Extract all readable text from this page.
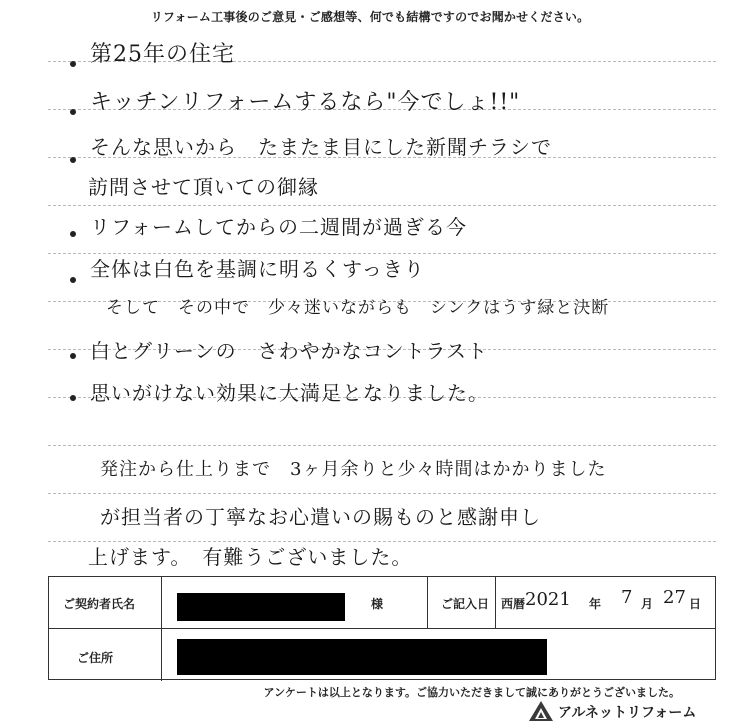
リフォーム工事後のご意見・ご感想等、何でも結構ですのでお聞かせください。
第25年の住宅
キッチンリフォームするなら"今でしょ!!"
そんな思いから　たまたま目にした新聞チラシで
訪問させて頂いての御縁
リフォームしてからの二週間が過ぎる今
全体は白色を基調に明るくすっきり
そして　その中で　少々迷いながらも　シンクはうす緑と決断
白とグリーンの　さわやかなコントラスト
思いがけない効果に大満足となりました。
発注から仕上りまで　3ヶ月余りと少々時間はかかりました
が担当者の丁寧なお心遣いの賜ものと感謝申し
上げます。　有難うございました。
ご契約者氏名	様	ご記入日 西暦 2021 年 7 月 27 日
ご住所
アンケートは以上となります。ご協力いただきまして誠にありがとうございました。
アルネットリフォーム
